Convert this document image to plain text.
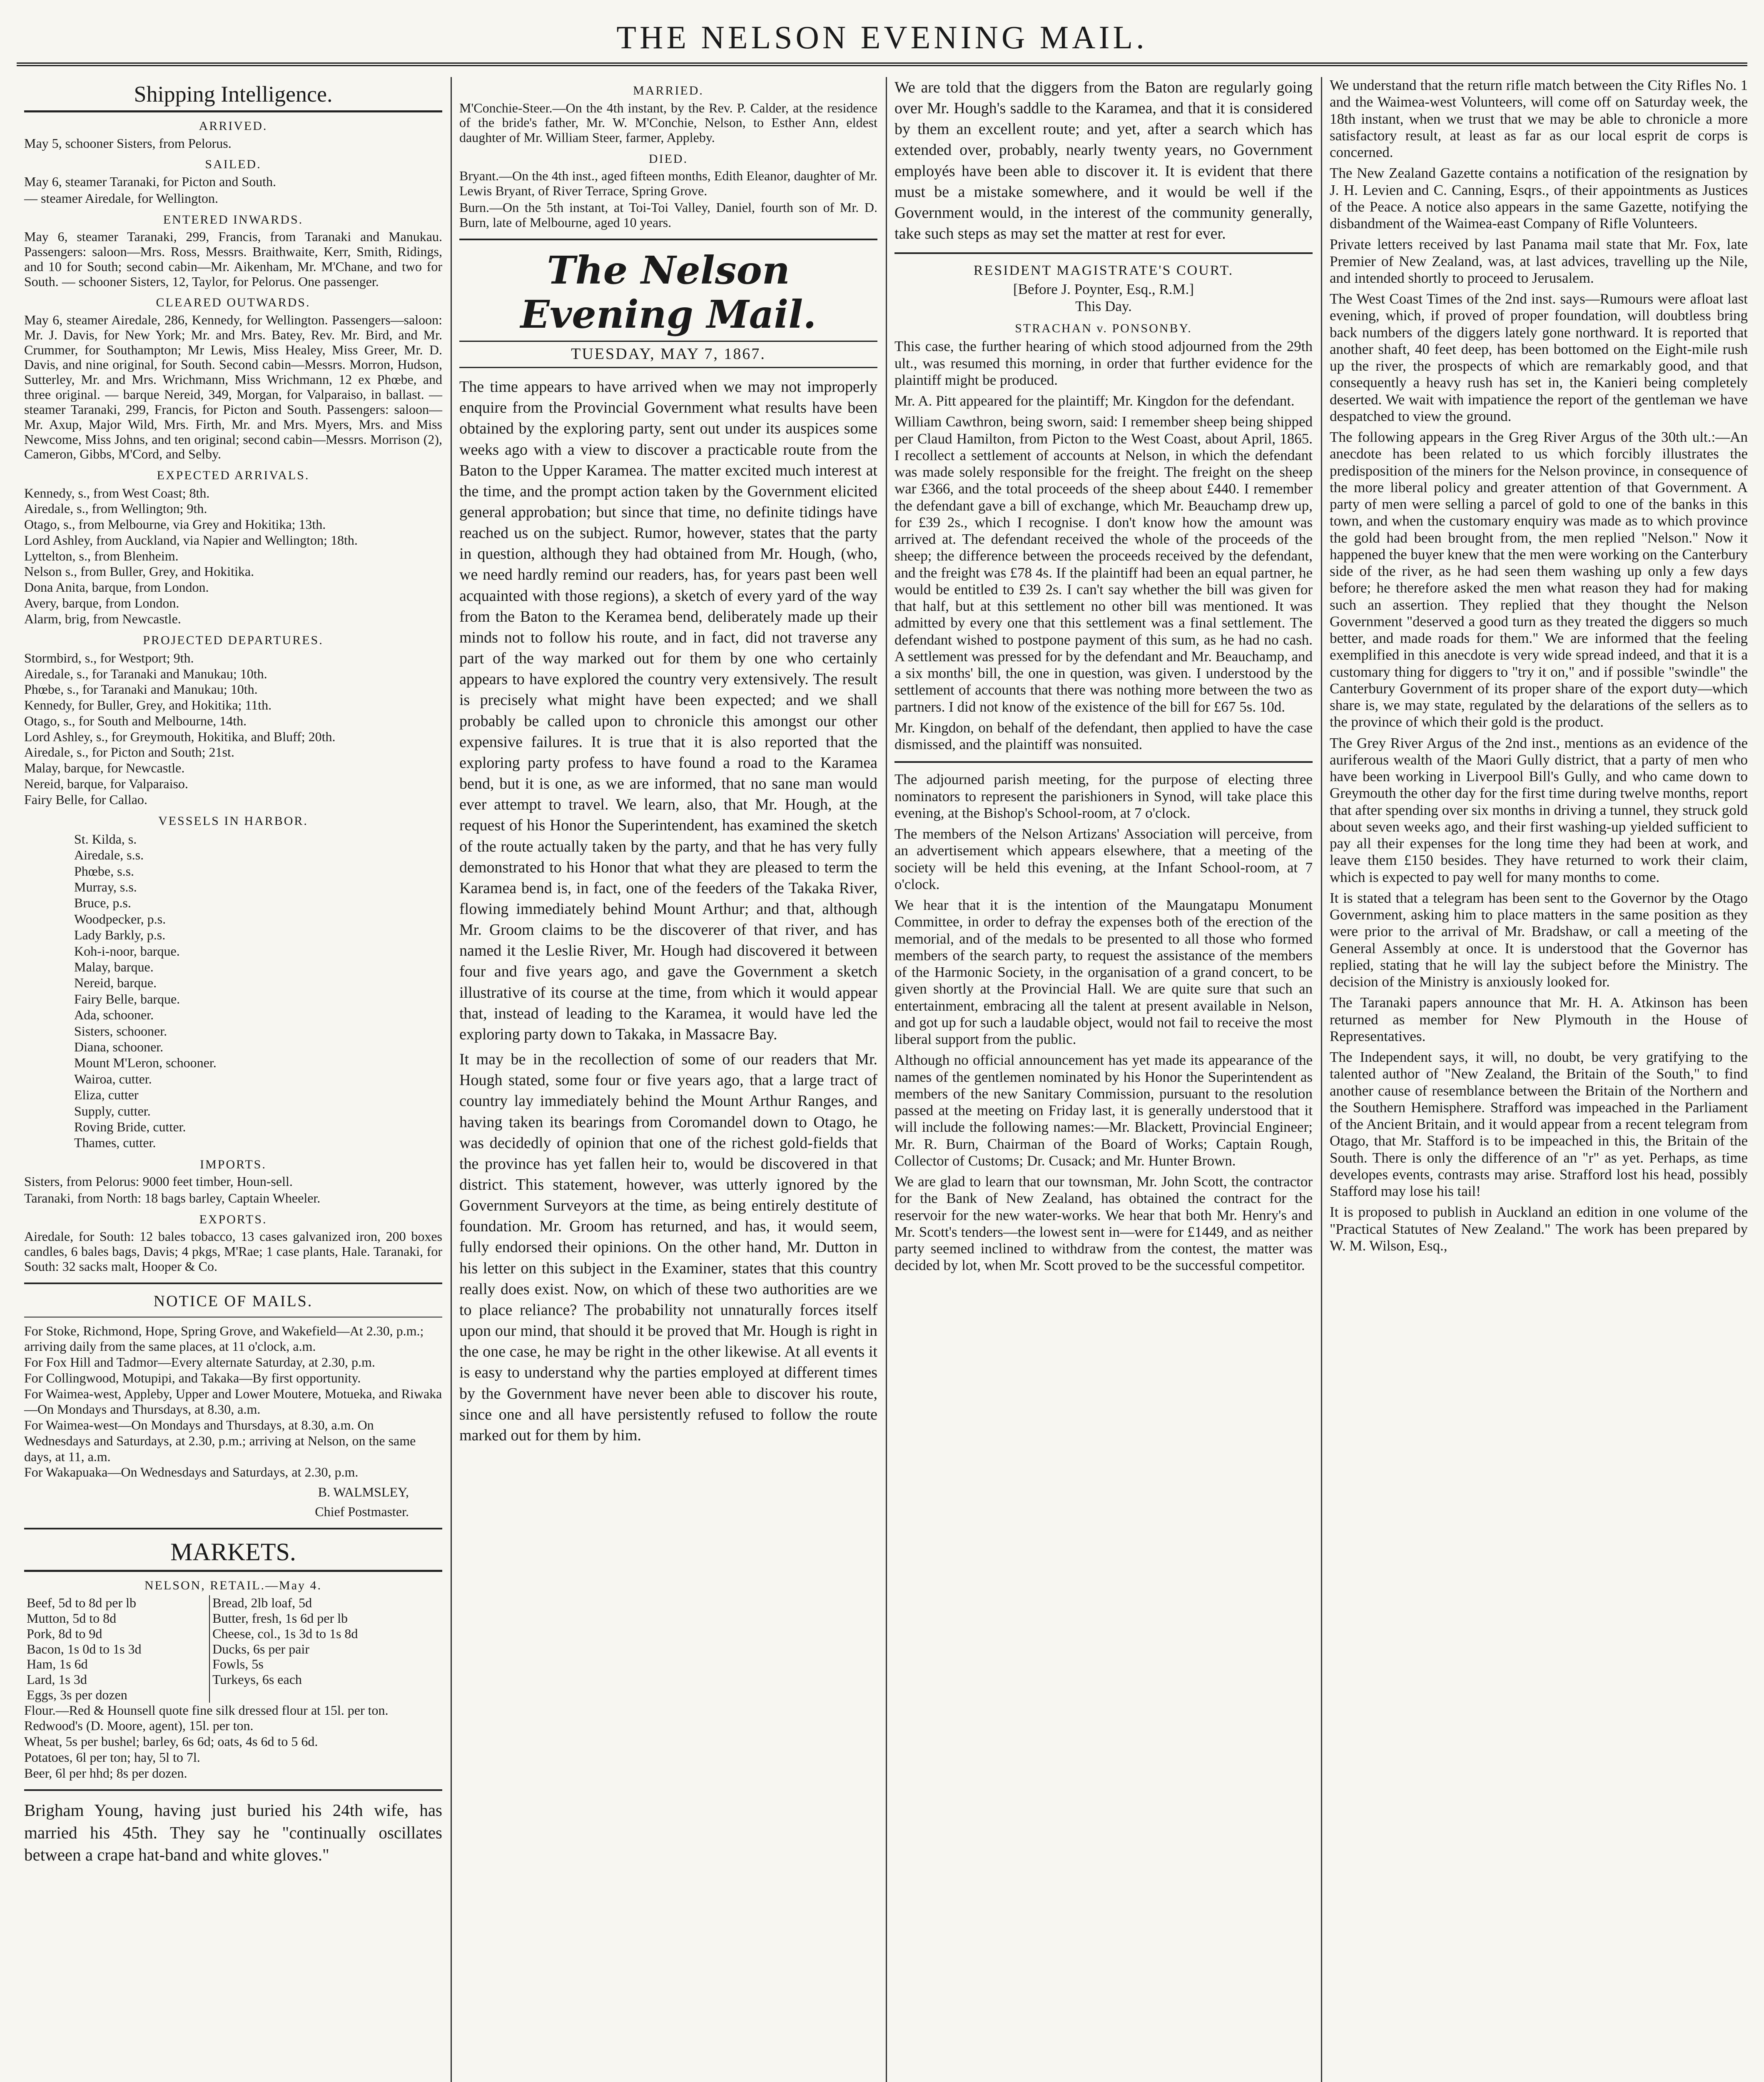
THE NELSON EVENING MAIL.
Shipping Intelligence.
ARRIVED.

May 5, schooner Sisters, from Pelorus.

SAILED.

May 6, steamer Taranaki, for Picton and South.

— steamer Airedale, for Wellington.

ENTERED INWARDS.

May 6, steamer Taranaki, 299, Francis, from Taranaki and Manukau. Passengers: saloon—Mrs. Ross, Messrs. Braithwaite, Kerr, Smith, Ridings, and 10 for South; second cabin—Mr. Aikenham, Mr. M'Chane, and two for South. — schooner Sisters, 12, Taylor, for Pelorus. One passenger.

CLEARED OUTWARDS.

May 6, steamer Airedale, 286, Kennedy, for Wellington. Passengers—saloon: Mr. J. Davis, for New York; Mr. and Mrs. Batey, Rev. Mr. Bird, and Mr. Crummer, for Southampton; Mr Lewis, Miss Healey, Miss Greer, Mr. D. Davis, and nine original, for South. Second cabin—Messrs. Morron, Hudson, Sutterley, Mr. and Mrs. Wrichmann, Miss Wrichmann, 12 ex Phœbe, and three original. — barque Nereid, 349, Morgan, for Valparaiso, in ballast. — steamer Taranaki, 299, Francis, for Picton and South. Passengers: saloon—Mr. Axup, Major Wild, Mrs. Firth, Mr. and Mrs. Myers, Mrs. and Miss Newcome, Miss Johns, and ten original; second cabin—Messrs. Morrison (2), Cameron, Gibbs, M'Cord, and Selby.

EXPECTED ARRIVALS.
Kennedy, s., from West Coast; 8th.
Airedale, s., from Wellington; 9th.
Otago, s., from Melbourne, via Grey and Hokitika; 13th.
Lord Ashley, from Auckland, via Napier and Wellington; 18th.
Lyttelton, s., from Blenheim.
Nelson s., from Buller, Grey, and Hokitika.
Dona Anita, barque, from London.
Avery, barque, from London.
Alarm, brig, from Newcastle.
PROJECTED DEPARTURES.
Stormbird, s., for Westport; 9th.
Airedale, s., for Taranaki and Manukau; 10th.
Phœbe, s., for Taranaki and Manukau; 10th.
Kennedy, for Buller, Grey, and Hokitika; 11th.
Otago, s., for South and Melbourne, 14th.
Lord Ashley, s., for Greymouth, Hokitika, and Bluff; 20th.
Airedale, s., for Picton and South; 21st.
Malay, barque, for Newcastle.
Nereid, barque, for Valparaiso.
Fairy Belle, for Callao.
VESSELS IN HARBOR.
St. Kilda, s.
Airedale, s.s.
Phœbe, s.s.
Murray, s.s.
Bruce, p.s.
Woodpecker, p.s.
Lady Barkly, p.s.
Koh-i-noor, barque.
Malay, barque.
Nereid, barque.
Fairy Belle, barque.
Ada, schooner.
Sisters, schooner.
Diana, schooner.
Mount M'Leron, schooner.
Wairoa, cutter.
Eliza, cutter
Supply, cutter.
Roving Bride, cutter.
Thames, cutter.
IMPORTS.

Sisters, from Pelorus: 9000 feet timber, Houn-sell.

Taranaki, from North: 18 bags barley, Captain Wheeler.

EXPORTS.

Airedale, for South: 12 bales tobacco, 13 cases galvanized iron, 200 boxes candles, 6 bales bags, Davis; 4 pkgs, M'Rae; 1 case plants, Hale. Taranaki, for South: 32 sacks malt, Hooper & Co.

NOTICE OF MAILS.
For Stoke, Richmond, Hope, Spring Grove, and Wakefield—At 2.30, p.m.; arriving daily from the same places, at 11 o'clock, a.m.
For Fox Hill and Tadmor—Every alternate Saturday, at 2.30, p.m.
For Collingwood, Motupipi, and Takaka—By first opportunity.
For Waimea-west, Appleby, Upper and Lower Moutere, Motueka, and Riwaka—On Mondays and Thursdays, at 8.30, a.m.
For Waimea-west—On Mondays and Thursdays, at 8.30, a.m. On Wednesdays and Saturdays, at 2.30, p.m.; arriving at Nelson, on the same days, at 11, a.m.
For Wakapuaka—On Wednesdays and Saturdays, at 2.30, p.m.
B. WALMSLEY,
Chief Postmaster.
MARKETS.
NELSON, RETAIL.—May 4.
Beef, 5d to 8d per lb
Mutton, 5d to 8d
Pork, 8d to 9d
Bacon, 1s 0d to 1s 3d
Ham, 1s 6d
Lard, 1s 3d
Eggs, 3s per dozen

Bread, 2lb loaf, 5d
Butter, fresh, 1s 6d per lb
Cheese, col., 1s 3d to 1s 8d
Ducks, 6s per pair
Fowls, 5s
Turkeys, 6s each
Flour.—Red & Hounsell quote fine silk dressed flour at 15l. per ton. Redwood's (D. Moore, agent), 15l. per ton.
Wheat, 5s per bushel; barley, 6s 6d; oats, 4s 6d to 5 6d.
Potatoes, 6l per ton; hay, 5l to 7l.
Beer, 6l per hhd; 8s per dozen.

Brigham Young, having just buried his 24th wife, has married his 45th. They say he "continually oscillates between a crape hat-band and white gloves."

MARRIED.

M'Conchie-Steer.—On the 4th instant, by the Rev. P. Calder, at the residence of the bride's father, Mr. W. M'Conchie, Nelson, to Esther Ann, eldest daughter of Mr. William Steer, farmer, Appleby.

DIED.

Bryant.—On the 4th inst., aged fifteen months, Edith Eleanor, daughter of Mr. Lewis Bryant, of River Terrace, Spring Grove.

Burn.—On the 5th instant, at Toi-Toi Valley, Daniel, fourth son of Mr. D. Burn, late of Melbourne, aged 10 years.

The Nelson Evening Mail.
TUESDAY, MAY 7, 1867.

The time appears to have arrived when we may not improperly enquire from the Provincial Government what results have been obtained by the exploring party, sent out under its auspices some weeks ago with a view to discover a practicable route from the Baton to the Upper Karamea. The matter excited much interest at the time, and the prompt action taken by the Government elicited general approbation; but since that time, no definite tidings have reached us on the subject. Rumor, however, states that the party in question, although they had obtained from Mr. Hough, (who, we need hardly remind our readers, has, for years past been well acquainted with those regions), a sketch of every yard of the way from the Baton to the Keramea bend, deliberately made up their minds not to follow his route, and in fact, did not traverse any part of the way marked out for them by one who certainly appears to have explored the country very extensively. The result is precisely what might have been expected; and we shall probably be called upon to chronicle this amongst our other expensive failures. It is true that it is also reported that the exploring party profess to have found a road to the Karamea bend, but it is one, as we are informed, that no sane man would ever attempt to travel. We learn, also, that Mr. Hough, at the request of his Honor the Superintendent, has examined the sketch of the route actually taken by the party, and that he has very fully demonstrated to his Honor that what they are pleased to term the Karamea bend is, in fact, one of the feeders of the Takaka River, flowing immediately behind Mount Arthur; and that, although Mr. Groom claims to be the discoverer of that river, and has named it the Leslie River, Mr. Hough had discovered it between four and five years ago, and gave the Government a sketch illustrative of its course at the time, from which it would appear that, instead of leading to the Karamea, it would have led the exploring party down to Takaka, in Massacre Bay.

It may be in the recollection of some of our readers that Mr. Hough stated, some four or five years ago, that a large tract of country lay immediately behind the Mount Arthur Ranges, and having taken its bearings from Coromandel down to Otago, he was decidedly of opinion that one of the richest gold-fields that the province has yet fallen heir to, would be discovered in that district. This statement, however, was utterly ignored by the Government Surveyors at the time, as being entirely destitute of foundation. Mr. Groom has returned, and has, it would seem, fully endorsed their opinions. On the other hand, Mr. Dutton in his letter on this subject in the Examiner, states that this country really does exist. Now, on which of these two authorities are we to place reliance? The probability not unnaturally forces itself upon our mind, that should it be proved that Mr. Hough is right in the one case, he may be right in the other likewise. At all events it is easy to understand why the parties employed at different times by the Government have never been able to discover his route, since one and all have persistently refused to follow the route marked out for them by him.

We are told that the diggers from the Baton are regularly going over Mr. Hough's saddle to the Karamea, and that it is considered by them an excellent route; and yet, after a search which has extended over, probably, nearly twenty years, no Government employés have been able to discover it. It is evident that there must be a mistake somewhere, and it would be well if the Government would, in the interest of the community generally, take such steps as may set the matter at rest for ever.

RESIDENT MAGISTRATE'S COURT.
[Before J. Poynter, Esq., R.M.]
This Day.
STRACHAN v. PONSONBY.

This case, the further hearing of which stood adjourned from the 29th ult., was resumed this morning, in order that further evidence for the plaintiff might be produced.

Mr. A. Pitt appeared for the plaintiff; Mr. Kingdon for the defendant.

William Cawthron, being sworn, said: I remember sheep being shipped per Claud Hamilton, from Picton to the West Coast, about April, 1865. I recollect a settlement of accounts at Nelson, in which the defendant was made solely responsible for the freight. The freight on the sheep war £366, and the total proceeds of the sheep about £440. I remember the defendant gave a bill of exchange, which Mr. Beauchamp drew up, for £39 2s., which I recognise. I don't know how the amount was arrived at. The defendant received the whole of the proceeds of the sheep; the difference between the proceeds received by the defendant, and the freight was £78 4s. If the plaintiff had been an equal partner, he would be entitled to £39 2s. I can't say whether the bill was given for that half, but at this settlement no other bill was mentioned. It was admitted by every one that this settlement was a final settlement. The defendant wished to postpone payment of this sum, as he had no cash. A settlement was pressed for by the defendant and Mr. Beauchamp, and a six months' bill, the one in question, was given. I understood by the settlement of accounts that there was nothing more between the two as partners. I did not know of the existence of the bill for £67 5s. 10d.

Mr. Kingdon, on behalf of the defendant, then applied to have the case dismissed, and the plaintiff was nonsuited.

The adjourned parish meeting, for the purpose of electing three nominators to represent the parishioners in Synod, will take place this evening, at the Bishop's School-room, at 7 o'clock.

The members of the Nelson Artizans' Association will perceive, from an advertisement which appears elsewhere, that a meeting of the society will be held this evening, at the Infant School-room, at 7 o'clock.

We hear that it is the intention of the Maungatapu Monument Committee, in order to defray the expenses both of the erection of the memorial, and of the medals to be presented to all those who formed members of the search party, to request the assistance of the members of the Harmonic Society, in the organisation of a grand concert, to be given shortly at the Provincial Hall. We are quite sure that such an entertainment, embracing all the talent at present available in Nelson, and got up for such a laudable object, would not fail to receive the most liberal support from the public.

Although no official announcement has yet made its appearance of the names of the gentlemen nominated by his Honor the Superintendent as members of the new Sanitary Commission, pursuant to the resolution passed at the meeting on Friday last, it is generally understood that it will include the following names:—Mr. Blackett, Provincial Engineer; Mr. R. Burn, Chairman of the Board of Works; Captain Rough, Collector of Customs; Dr. Cusack; and Mr. Hunter Brown.

We are glad to learn that our townsman, Mr. John Scott, the contractor for the Bank of New Zealand, has obtained the contract for the reservoir for the new water-works. We hear that both Mr. Henry's and Mr. Scott's tenders—the lowest sent in—were for £1449, and as neither party seemed inclined to withdraw from the contest, the matter was decided by lot, when Mr. Scott proved to be the successful competitor.

We understand that the return rifle match between the City Rifles No. 1 and the Waimea-west Volunteers, will come off on Saturday week, the 18th instant, when we trust that we may be able to chronicle a more satisfactory result, at least as far as our local esprit de corps is concerned.

The New Zealand Gazette contains a notification of the resignation by J. H. Levien and C. Canning, Esqrs., of their appointments as Justices of the Peace. A notice also appears in the same Gazette, notifying the disbandment of the Waimea-east Company of Rifle Volunteers.

Private letters received by last Panama mail state that Mr. Fox, late Premier of New Zealand, was, at last advices, travelling up the Nile, and intended shortly to proceed to Jerusalem.

The West Coast Times of the 2nd inst. says—Rumours were afloat last evening, which, if proved of proper foundation, will doubtless bring back numbers of the diggers lately gone northward. It is reported that another shaft, 40 feet deep, has been bottomed on the Eight-mile rush up the river, the prospects of which are remarkably good, and that consequently a heavy rush has set in, the Kanieri being completely deserted. We wait with impatience the report of the gentleman we have despatched to view the ground.

The following appears in the Greg River Argus of the 30th ult.:—An anecdote has been related to us which forcibly illustrates the predisposition of the miners for the Nelson province, in consequence of the more liberal policy and greater attention of that Government. A party of men were selling a parcel of gold to one of the banks in this town, and when the customary enquiry was made as to which province the gold had been brought from, the men replied "Nelson." Now it happened the buyer knew that the men were working on the Canterbury side of the river, as he had seen them washing up only a few days before; he therefore asked the men what reason they had for making such an assertion. They replied that they thought the Nelson Government "deserved a good turn as they treated the diggers so much better, and made roads for them." We are informed that the feeling exemplified in this anecdote is very wide spread indeed, and that it is a customary thing for diggers to "try it on," and if possible "swindle" the Canterbury Government of its proper share of the export duty—which share is, we may state, regulated by the delarations of the sellers as to the province of which their gold is the product.

The Grey River Argus of the 2nd inst., mentions as an evidence of the auriferous wealth of the Maori Gully district, that a party of men who have been working in Liverpool Bill's Gully, and who came down to Greymouth the other day for the first time during twelve months, report that after spending over six months in driving a tunnel, they struck gold about seven weeks ago, and their first washing-up yielded sufficient to pay all their expenses for the long time they had been at work, and leave them £150 besides. They have returned to work their claim, which is expected to pay well for many months to come.

It is stated that a telegram has been sent to the Governor by the Otago Government, asking him to place matters in the same position as they were prior to the arrival of Mr. Bradshaw, or call a meeting of the General Assembly at once. It is understood that the Governor has replied, stating that he will lay the subject before the Ministry. The decision of the Ministry is anxiously looked for.

The Taranaki papers announce that Mr. H. A. Atkinson has been returned as member for New Plymouth in the House of Representatives.

The Independent says, it will, no doubt, be very gratifying to the talented author of "New Zealand, the Britain of the South," to find another cause of resemblance between the Britain of the Northern and the Southern Hemisphere. Strafford was impeached in the Parliament of the Ancient Britain, and it would appear from a recent telegram from Otago, that Mr. Stafford is to be impeached in this, the Britain of the South. There is only the difference of an "r" as yet. Perhaps, as time developes events, contrasts may arise. Strafford lost his head, possibly Stafford may lose his tail!

It is proposed to publish in Auckland an edition in one volume of the "Practical Statutes of New Zealand." The work has been prepared by W. M. Wilson, Esq.,
